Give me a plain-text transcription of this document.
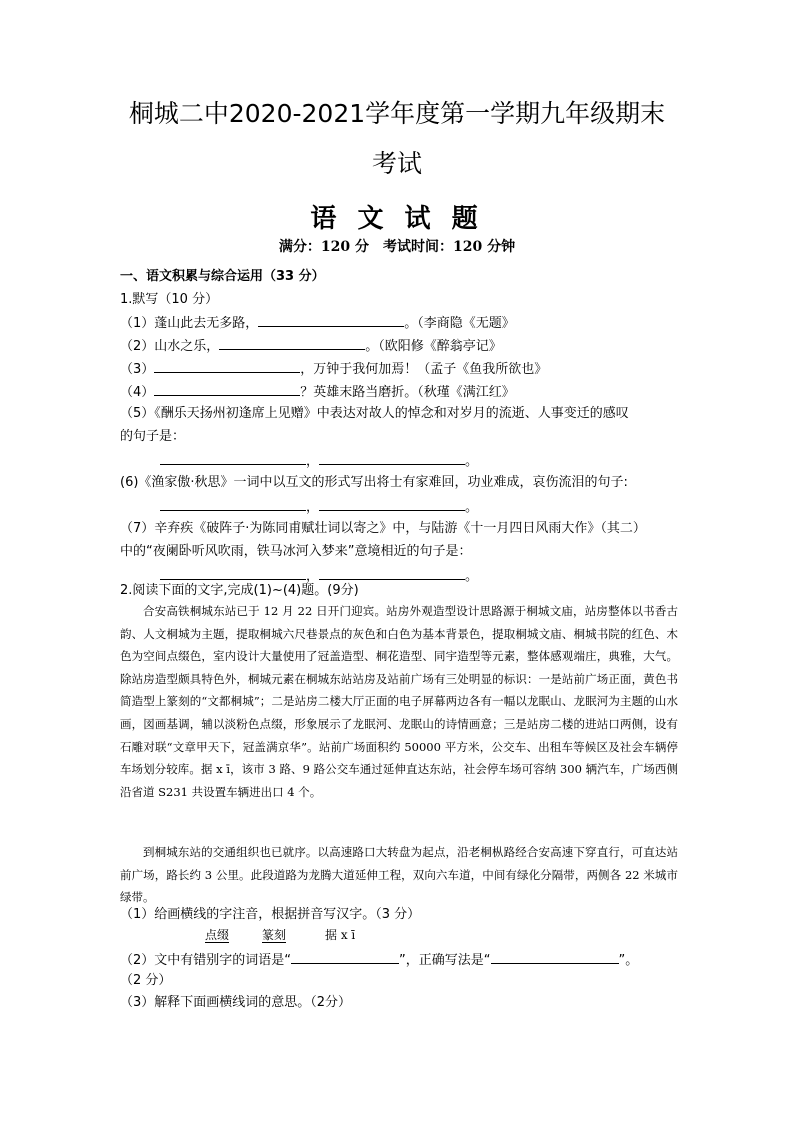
桐城二中2020-2021学年度第一学期九年级期末
考试
语 文 试 题
满分：120 分　考试时间：120 分钟
一、语文积累与综合运用（33 分）
1.默写（10 分）
（1）蓬山此去无多路，	。（李商隐《无题》
（2）山水之乐，	。（欧阳修《醉翁亭记》
（3）	，万钟于我何加焉！（孟子《鱼我所欲也》
（4）	？英雄末路当磨折。（秋瑾《满江红》
（5）《酬乐天扬州初逢席上见赠》中表达对故人的悼念和对岁月的流逝、人事变迁的感叹
的句子是：
，	。
(6)《渔家傲·秋思》一词中以互文的形式写出将士有家难回，功业难成，哀伤流泪的句子:
，	。
（7）辛弃疾《破阵子·为陈同甫赋壮词以寄之》中，与陆游《十一月四日风雨大作》（其二）
中的“夜阑卧听风吹雨，铁马冰河入梦来”意境相近的句子是：
，	。
2.阅读下面的文字,完成(1)~(4)题。(9分)

合安高铁桐城东站已于 12 月 22 日开门迎宾。站房外观造型设计思路源于桐城文庙，站房整体以书香古韵、人文桐城为主题，提取桐城六尺巷景点的灰色和白色为基本背景色，提取桐城文庙、桐城书院的红色、木色为空间点缀色，室内设计大量使用了冠盖造型、桐花造型、同宇造型等元素，整体感观端庄，典雅，大气。除站房造型颇具特色外，桐城元素在桐城东站站房及站前广场有三处明显的标识：一是站前广场正面，黄色书简造型上篆刻的“文都桐城”；二是站房二楼大厅正面的电子屏幕两边各有一幅以龙眠山、龙眠河为主题的山水画，図画基调，辅以淡粉色点缀，形象展示了龙眠河、龙眠山的诗情画意；三是站房二楼的进站口两侧，设有石雕对联“文章甲天下，冠盖满京华”。站前广场面积约 50000 平方米，公交车、出租车等候区及社会车辆停车场划分较库。据 x ī，该市 3 路、9 路公交车通过延伸直达东站，社会停车场可容纳 300 辆汽车，广场西侧沿省道 S231 共设置车辆进出口 4 个。

到桐城东站的交通组织也已就序。以高速路口大转盘为起点，沿老桐枞路经合安高速下穿直行，可直达站前广场，路长约 3 公里。此段道路为龙腾大道延伸工程，双向六车道，中间有绿化分隔带，两侧各 22 米城市绿带。

（1）给画横线的字注音，根据拼音写汉字。（3 分）
点缀	篆刻	据 x ī
（2）文中有错别字的词语是“	”，正确写法是“	”。
（2 分）
（3）解释下面画横线词的意思。（2分）
